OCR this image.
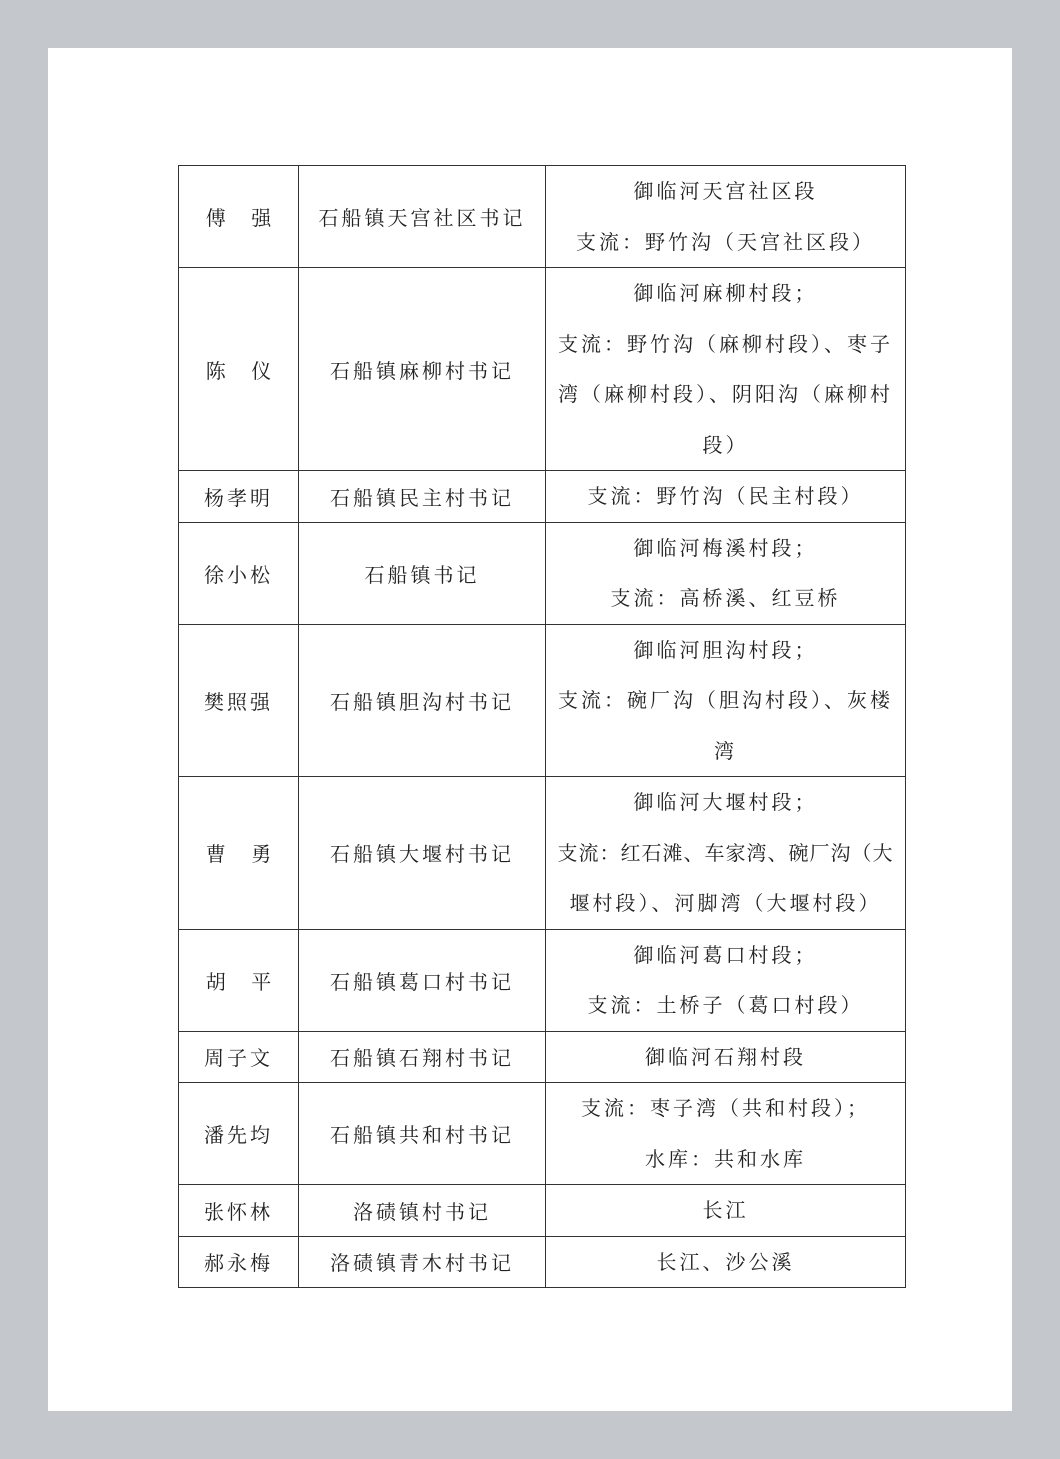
傅    强	石船镇天宫社区书记	御临河天宫社区段
支流：野竹沟（天宫社区段）

陈    仪	石船镇麻柳村书记	御临河麻柳村段；
支流：野竹沟（麻柳村段）、枣子
湾（麻柳村段）、阴阳沟（麻柳村
段）

杨孝明	石船镇民主村书记	支流：野竹沟（民主村段）

徐小松	石船镇书记	御临河梅溪村段；
支流：高桥溪、红豆桥

樊照强	石船镇胆沟村书记	御临河胆沟村段；
支流：碗厂沟（胆沟村段）、灰楼
湾

曹    勇	石船镇大堰村书记	御临河大堰村段；
支流：红石滩、车家湾、碗厂沟（大
堰村段）、河脚湾（大堰村段）

胡    平	石船镇葛口村书记	御临河葛口村段；
支流：土桥子（葛口村段）

周子文	石船镇石翔村书记	御临河石翔村段

潘先均	石船镇共和村书记	支流：枣子湾（共和村段）；
水库：共和水库

张怀林	洛碛镇村书记	长江

郝永梅	洛碛镇青木村书记	长江、沙公溪
